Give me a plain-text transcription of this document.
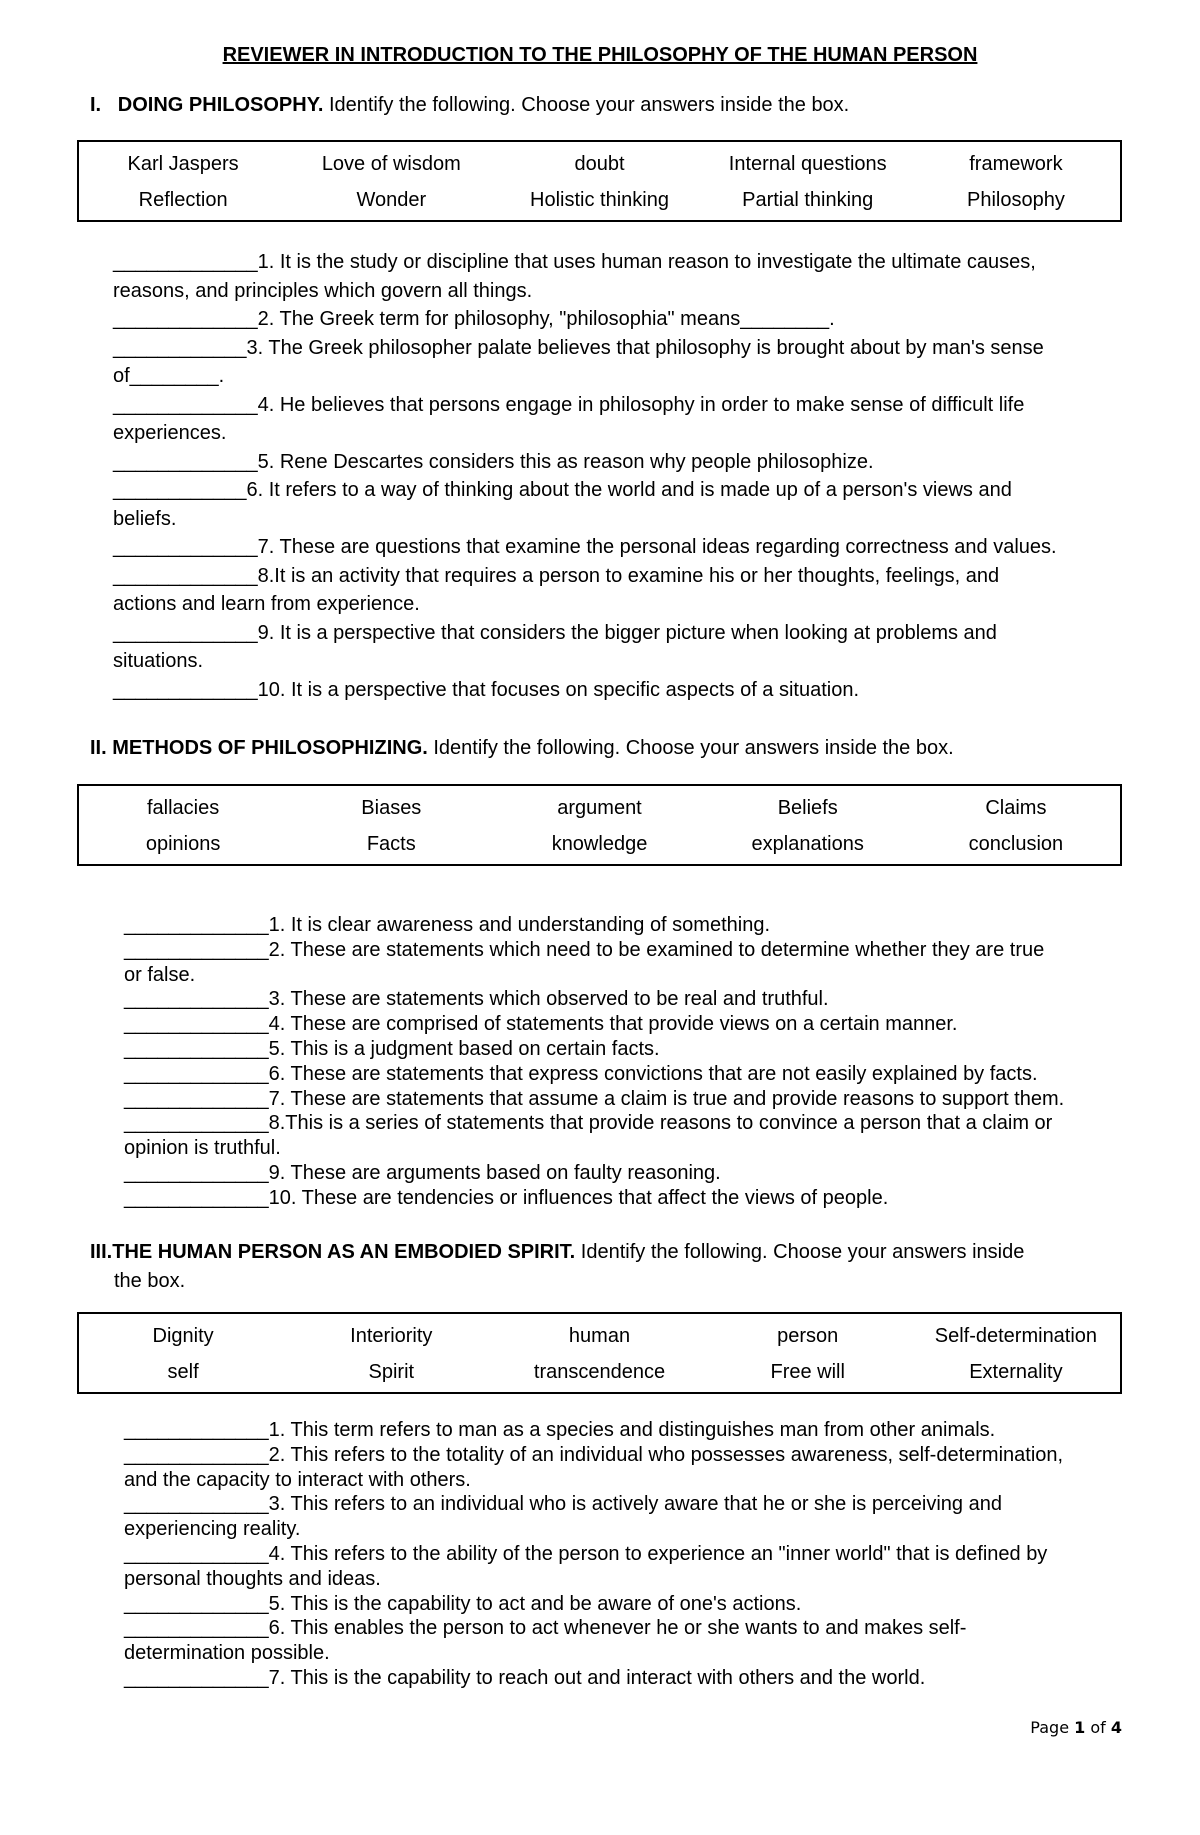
REVIEWER IN INTRODUCTION TO THE PHILOSOPHY OF THE HUMAN PERSON
I. DOING PHILOSOPHY. Identify the following. Choose your answers inside the box.
Karl Jaspers	Love of wisdom	doubt	Internal questions	framework
Reflection	Wonder	Holistic thinking	Partial thinking	Philosophy
_____________1. It is the study or discipline that uses human reason to investigate the ultimate causes,
reasons, and principles which govern all things.
_____________2. The Greek term for philosophy, "philosophia" means________.
____________3. The Greek philosopher palate believes that philosophy is brought about by man's sense
of________.
_____________4. He believes that persons engage in philosophy in order to make sense of difficult life
experiences.
_____________5. Rene Descartes considers this as reason why people philosophize.
____________6. It refers to a way of thinking about the world and is made up of a person's views and
beliefs.
_____________7. These are questions that examine the personal ideas regarding correctness and values.
_____________8.It is an activity that requires a person to examine his or her thoughts, feelings, and
actions and learn from experience.
_____________9. It is a perspective that considers the bigger picture when looking at problems and
situations.
_____________10. It is a perspective that focuses on specific aspects of a situation.
II. METHODS OF PHILOSOPHIZING. Identify the following. Choose your answers inside the box.
fallacies	Biases	argument	Beliefs	Claims
opinions	Facts	knowledge	explanations	conclusion
_____________1. It is clear awareness and understanding of something.
_____________2. These are statements which need to be examined to determine whether they are true
or false.
_____________3. These are statements which observed to be real and truthful.
_____________4. These are comprised of statements that provide views on a certain manner.
_____________5. This is a judgment based on certain facts.
_____________6. These are statements that express convictions that are not easily explained by facts.
_____________7. These are statements that assume a claim is true and provide reasons to support them.
_____________8.This is a series of statements that provide reasons to convince a person that a claim or
opinion is truthful.
_____________9. These are arguments based on faulty reasoning.
_____________10. These are tendencies or influences that affect the views of people.
III.THE HUMAN PERSON AS AN EMBODIED SPIRIT. Identify the following. Choose your answers inside
the box.
Dignity	Interiority	human	person	Self-determination
self	Spirit	transcendence	Free will	Externality
_____________1. This term refers to man as a species and distinguishes man from other animals.
_____________2. This refers to the totality of an individual who possesses awareness, self-determination,
and the capacity to interact with others.
_____________3. This refers to an individual who is actively aware that he or she is perceiving and
experiencing reality.
_____________4. This refers to the ability of the person to experience an "inner world" that is defined by
personal thoughts and ideas.
_____________5. This is the capability to act and be aware of one's actions.
_____________6. This enables the person to act whenever he or she wants to and makes self-
determination possible.
_____________7. This is the capability to reach out and interact with others and the world.
Page 1 of 4
